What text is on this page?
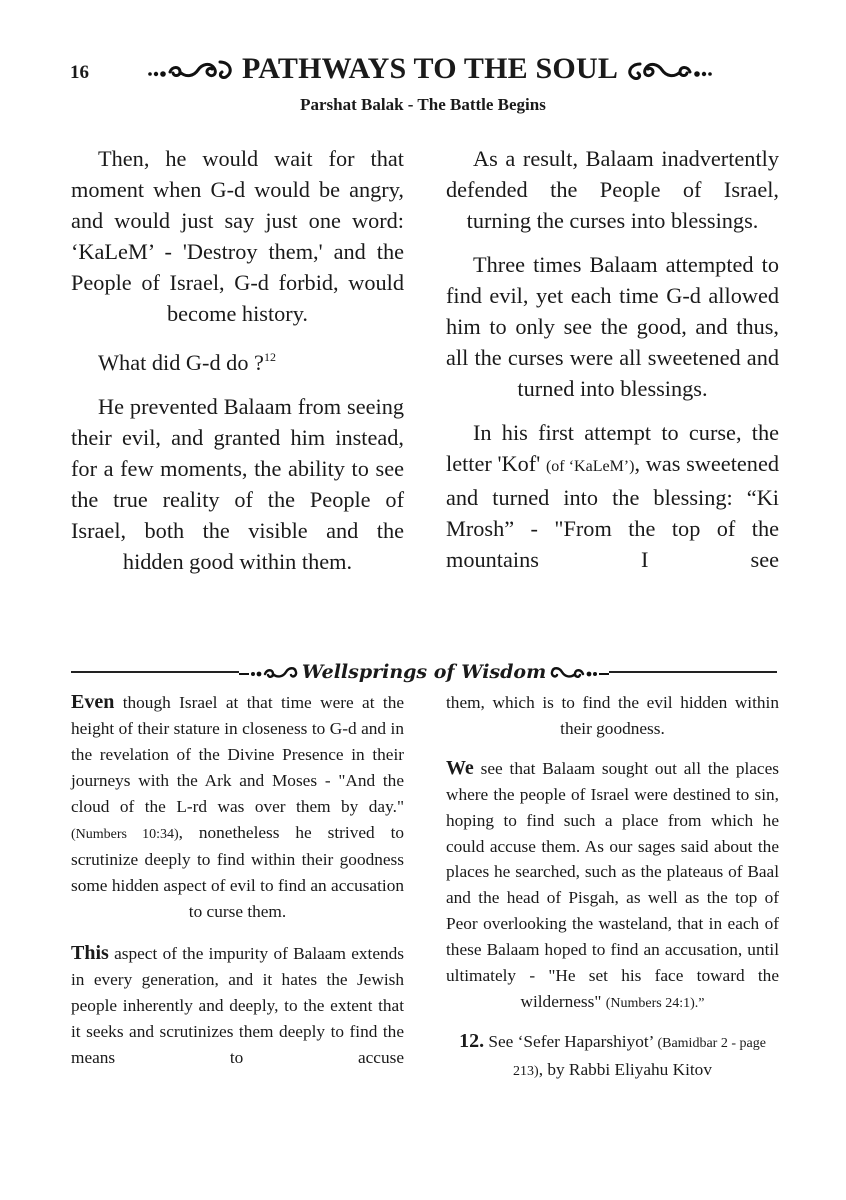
16	PATHWAYS TO THE SOUL
Parshat Balak - The Battle Begins

Then, he would wait for that moment when G-d would be angry, and would just say just one word: ‘KaLeM’ - 'Destroy them,' and the People of Israel, G-d forbid, would become history.

What did G-d do ?$^{12}$

He prevented Balaam from seeing their evil, and granted him instead, for a few moments, the ability to see the true reality of the People of Israel, both the visible and the hidden good within them.

As a result, Balaam inadvertently defended the People of Israel, turning the curses into blessings.

Three times Balaam attempted to find evil, yet each time G-d allowed him to only see the good, and thus, all the curses were all sweetened and turned into blessings.

In his first attempt to curse, the letter 'Kof' (of ‘KaLeM’), was sweetened and turned into the blessing: “Ki Mrosh” - "From the top of the mountains I see

Wellsprings of Wisdom

Even though Israel at that time were at the height of their stature in closeness to G-d and in the revelation of the Divine Presence in their journeys with the Ark and Moses - "And the cloud of the L-rd was over them by day." (Numbers 10:34), nonetheless he strived to scrutinize deeply to find within their goodness some hidden aspect of evil to find an accusation to curse them.

This aspect of the impurity of Balaam extends in every generation, and it hates the Jewish people inherently and deeply, to the extent that it seeks and scrutinizes them deeply to find the means to accuse

them, which is to find the evil hidden within their goodness.

We see that Balaam sought out all the places where the people of Israel were destined to sin, hoping to find such a place from which he could accuse them. As our sages said about the places he searched, such as the plateaus of Baal and the head of Pisgah, as well as the top of Peor overlooking the wasteland, that in each of these Balaam hoped to find an accusation, until ultimately - "He set his face toward the wilderness" (Numbers 24:1).”

12. See ‘Sefer Haparshiyot’ (Bamidbar 2 - page 213), by Rabbi Eliyahu Kitov
